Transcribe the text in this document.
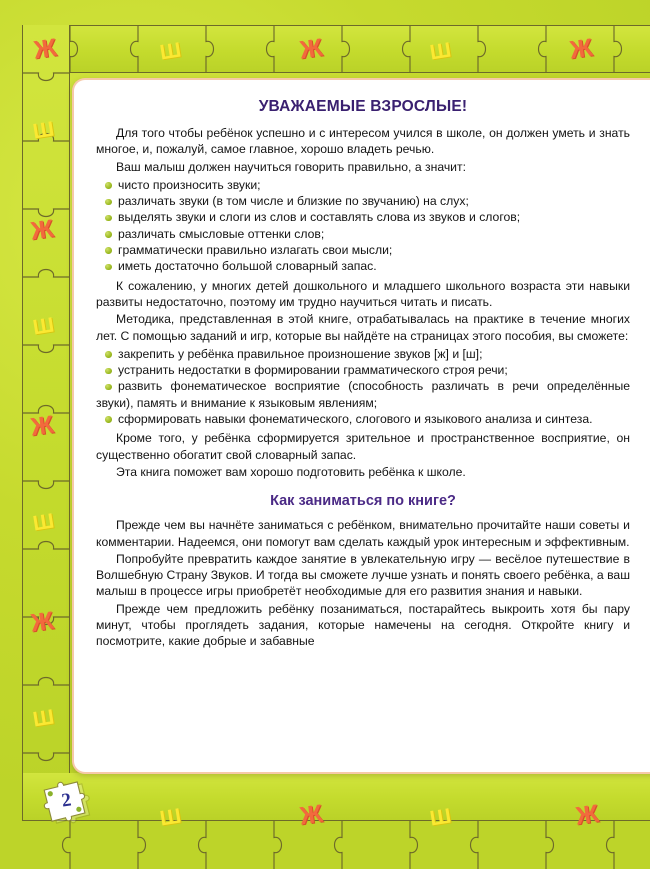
Ж	Ш	Ж	Ш	Ж
Ш
Ж
Ш
Ж
Ш
Ж
Ш
Ш	Ж	Ш	Ж
УВАЖАЕМЫЕ ВЗРОСЛЫЕ!

Для того чтобы ребёнок успешно и с интересом учился в школе, он должен уметь и знать многое, и, пожалуй, самое главное, хорошо владеть речью.

Ваш малыш должен научиться говорить правильно, а значит:

чисто произносить звуки;
различать звуки (в том числе и близкие по звучанию) на слух;
выделять звуки и слоги из слов и составлять слова из звуков и слогов;
различать смысловые оттенки слов;
грамматически правильно излагать свои мысли;
иметь достаточно большой словарный запас.

К сожалению, у многих детей дошкольного и младшего школьного возраста эти навыки развиты недостаточно, поэтому им трудно научиться читать и писать.

Методика, представленная в этой книге, отрабатывалась на практике в течение многих лет. С помощью заданий и игр, которые вы найдёте на страницах этого пособия, вы сможете:

закрепить у ребёнка правильное произношение звуков [ж] и [ш];
устранить недостатки в формировании грамматического строя речи;
развить фонематическое восприятие (способность различать в речи определённые звуки), память и внимание к языковым явлениям;
сформировать навыки фонематического, слогового и языкового анализа и синтеза.

Кроме того, у ребёнка сформируется зрительное и пространственное восприятие, он существенно обогатит свой словарный запас.

Эта книга поможет вам хорошо подготовить ребёнка к школе.

Как заниматься по книге?

Прежде чем вы начнёте заниматься с ребёнком, внимательно прочитайте наши советы и комментарии. Надеемся, они помогут вам сделать каждый урок интересным и эффективным.

Попробуйте превратить каждое занятие в увлекательную игру — весёлое путешествие в Волшебную Страну Звуков. И тогда вы сможете лучше узнать и понять своего ребёнка, а ваш малыш в процессе игры приобретёт необходимые для его развития знания и навыки.

Прежде чем предложить ребёнку позаниматься, постарайтесь выкроить хотя бы пару минут, чтобы проглядеть задания, которые намечены на сегодня. Откройте книгу и посмотрите, какие добрые и забавные

2
